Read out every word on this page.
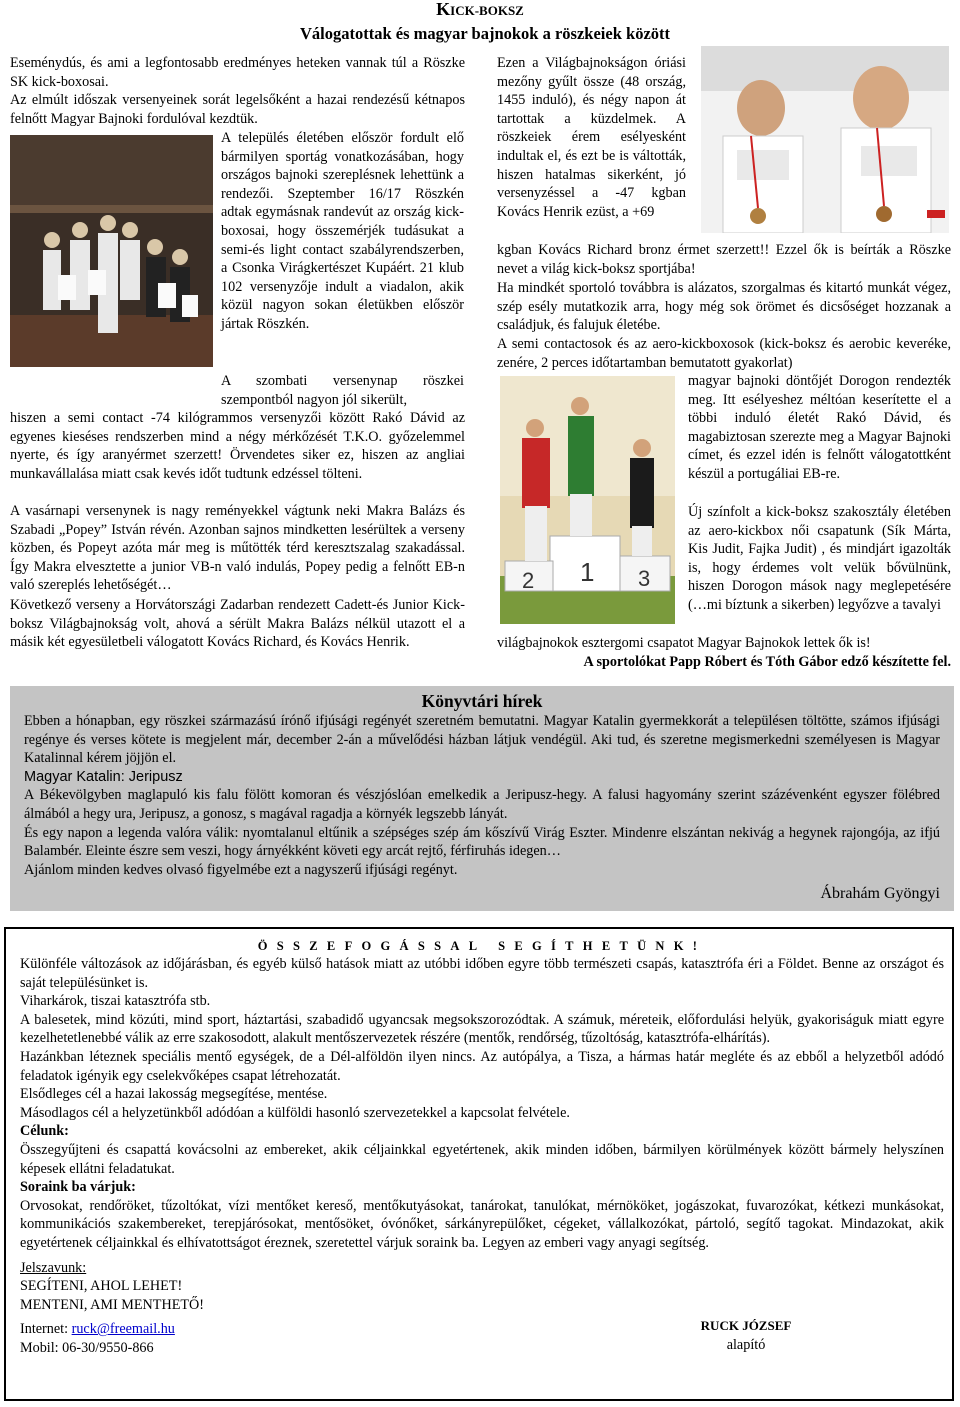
KICK-BOKSZ
Válogatottak és magyar bajnokok a röszkeiek között

Eseménydús, és ami a legfontosabb eredményes heteken vannak túl a Röszke SK kick-boxosai.

Az elmúlt időszak versenyeinek sorát legelsőként a hazai rendezésű kétnapos felnőtt Magyar Bajnoki fordulóval kezdtük.

A település életében először fordult elő bármilyen sportág vonatkozásában, hogy országos bajnoki szereplésnek lehettünk a rendezői. Szeptember 16/17 Röszkén adtak egymásnak randevút az ország kick-boxosai, hogy összemérjék tudásukat a semi-és light contact szabályrendszerben, a Csonka Virágkertészet Kupáért. 21 klub 102 versenyzője indult a viadalon, akik közül nagyon sokan életükben először jártak Röszkén.

A szombati versenynap röszkei szempontból nagyon jól sikerült,

hiszen a semi contact -74 kilógrammos versenyzői között Rakó Dávid az egyenes kieséses rendszerben mind a négy mérkőzését T.K.O. győzelemmel nyerte, és így aranyérmet szerzett! Örvendetes siker ez, hiszen az angliai munkavállalása miatt csak kevés időt tudtunk edzéssel tölteni.

A vasárnapi versenynek is nagy reményekkel vágtunk neki Makra Balázs és Szabadi „Popey” István révén. Azonban sajnos mindketten lesérültek a verseny közben, és Popeyt azóta már meg is műtötték térd keresztszalag szakadással. Így Makra elvesztette a junior VB-n való indulás, Popey pedig a felnőtt EB-n való szereplés lehetőségét…

Következő verseny a Horvátországi Zadarban rendezett Cadett-és Junior Kick-boksz Világbajnokság volt, ahová a sérült Makra Balázs nélkül utazott el a másik két egyesületbeli válogatott Kovács Richard, és Kovács Henrik.

Ezen a Világbajnokságon óriási mezőny gyűlt össze (48 ország, 1455 induló), és négy napon át tartottak a küzdelmek. A röszkeiek érem esélyesként indultak el, és ezt be is váltották, hiszen hatalmas sikerként, jó versenyzéssel a -47 kgban Kovács Henrik ezüst, a +69

kgban Kovács Richard bronz érmet szerzett!! Ezzel ők is beírták a Röszke nevet a világ kick-boksz sportjába!

Ha mindkét sportoló továbbra is alázatos, szorgalmas és kitartó munkát végez, szép esély mutatkozik arra, hogy még sok örömet és dicsőséget hozzanak a családjuk, és falujuk életébe.

A semi contactosok és az aero-kickboxosok (kick-boksz és aerobic keveréke, zenére, 2 perces időtartamban bemutatott gyakorlat)

1
2	3

magyar bajnoki döntőjét Dorogon rendezték meg. Itt esélyeshez méltóan keserítette el a többi induló életét Rakó Dávid, és magabiztosan szerezte meg a Magyar Bajnoki címet, és ezzel idén is felnőtt válogatottként készül a portugáliai EB-re.

Új színfolt a kick-boksz szakosztály életében az aero-kickbox női csapatunk (Sík Márta, Kis Judit, Fajka Judit) , és mindjárt igazolták is, hogy érdemes volt velük bővülnünk, hiszen Dorogon mások nagy meglepetésére (…mi bíztunk a sikerben) legyőzve a tavalyi

világbajnokok esztergomi csapatot Magyar Bajnokok lettek ők is!

A sportolókat Papp Róbert és Tóth Gábor edző készítette fel.

Könyvtári hírek

Ebben a hónapban, egy röszkei származású írónő ifjúsági regényét szeretném bemutatni. Magyar Katalin gyermekkorát a településen töltötte, számos ifjúsági regénye és verses kötete is megjelent már, december 2-án a művelődési házban látjuk vendégül. Aki tud, és szeretne megismerkedni személyesen is Magyar Katalinnal kérem jöjjön el.

Magyar Katalin: Jeripusz

A Békevölgyben maglapuló kis falu fölött komoran és vészjóslóan emelkedik a Jeripusz-hegy. A falusi hagyomány szerint százévenként egyszer fölébred álmából a hegy ura, Jeripusz, a gonosz, s magával ragadja a környék legszebb lányát.

És egy napon a legenda valóra válik: nyomtalanul eltűnik a szépséges szép ám kőszívű Virág Eszter. Mindenre elszántan nekivág a hegynek rajongója, az ifjú Balambér. Eleinte észre sem veszi, hogy árnyékként követi egy arcát rejtő, férfiruhás idegen…

Ajánlom minden kedves olvasó figyelmébe ezt a nagyszerű ifjúsági regényt.

Ábrahám Gyöngyi

ÖSSZEFOGÁSSAL SEGÍTHETÜNK!

Különféle változások az időjárásban, és egyéb külső hatások miatt az utóbbi időben egyre több természeti csapás, katasztrófa éri a Földet. Benne az országot és saját településünket is.

Viharkárok, tiszai katasztrófa stb.

A balesetek, mind közúti, mind sport, háztartási, szabadidő ugyancsak megsokszorozódtak. A számuk, méreteik, előfordulási helyük, gyakoriságuk miatt egyre kezelhetetlenebbé válik az erre szakosodott, alakult mentőszervezetek részére (mentők, rendőrség, tűzoltóság, katasztrófa-elhárítás).

Hazánkban léteznek speciális mentő egységek, de a Dél-alföldön ilyen nincs. Az autópálya, a Tisza, a hármas határ megléte és az ebből a helyzetből adódó feladatok igényik egy cselekvőképes csapat létrehozatát.

Elsődleges cél a hazai lakosság megsegítése, mentése.

Másodlagos cél a helyzetünkből adódóan a külföldi hasonló szervezetekkel a kapcsolat felvétele.

Célunk:

Összegyűjteni és csapattá kovácsolni az embereket, akik céljainkkal egyetértenek, akik minden időben, bármilyen körülmények között bármely helyszínen képesek ellátni feladatukat.

Soraink ba várjuk:

Orvosokat, rendőröket, tűzoltókat, vízi mentőket kereső, mentőkutyásokat, tanárokat, tanulókat, mérnököket, jogászokat, fuvarozókat, kétkezi munkásokat, kommunikációs szakembereket, terepjárósokat, mentősöket, óvónőket, sárkányrepülőket, cégeket, vállalkozókat, pártoló, segítő tagokat. Mindazokat, akik egyetértenek céljainkkal és elhívatottságot éreznek, szeretettel várjuk soraink ba. Legyen az emberi vagy anyagi segítség.

Jelszavunk:

SEGÍTENI, AHOL LEHET!

MENTENI, AMI MENTHETŐ!

Internet: ruck@freemail.hu

Mobil: 06-30/9550-866

RUCK JÓZSEF

alapító
